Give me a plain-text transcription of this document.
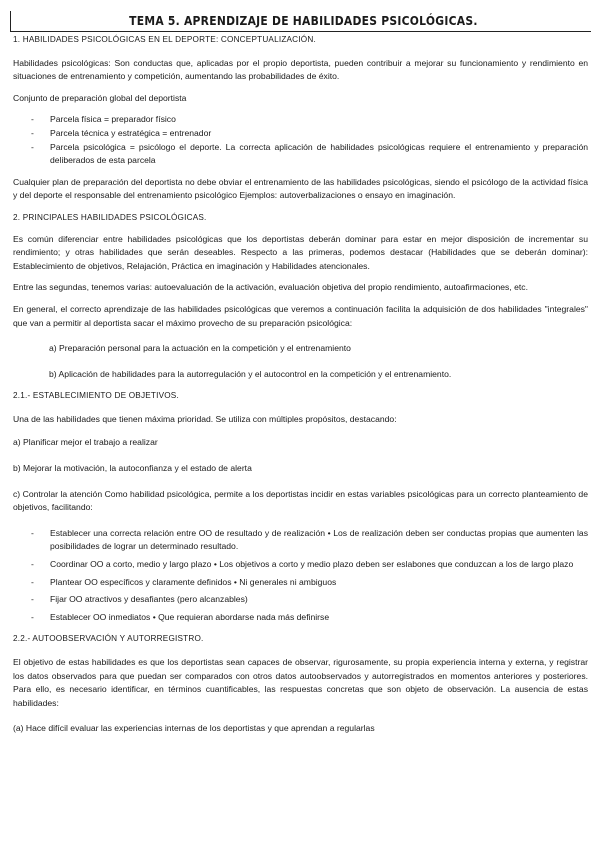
TEMA 5. APRENDIZAJE DE HABILIDADES PSICOLÓGICAS.

1. HABILIDADES PSICOLÓGICAS EN EL DEPORTE: CONCEPTUALIZACIÓN.

Habilidades psicológicas: Son conductas que, aplicadas por el propio deportista, pueden contribuir a mejorar su funcionamiento y rendimiento en situaciones de entrenamiento y competición, aumentando las probabilidades de éxito.

Conjunto de preparación global del deportista

- Parcela física = preparador físico
- Parcela técnica y estratégica = entrenador
- Parcela psicológica = psicólogo el deporte. La correcta aplicación de habilidades psicológicas requiere el entrenamiento y preparación deliberados de esta parcela

Cualquier plan de preparación del deportista no debe obviar el entrenamiento de las habilidades psicológicas, siendo el psicólogo de la actividad física y del deporte el responsable del entrenamiento psicológico Ejemplos: autoverbalizaciones o ensayo en imaginación.

2. PRINCIPALES HABILIDADES PSICOLÓGICAS.

Es común diferenciar entre habilidades psicológicas que los deportistas deberán dominar para estar en mejor disposición de incrementar su rendimiento; y otras habilidades que serán deseables. Respecto a las primeras, podemos destacar (Habilidades que se deberán dominar): Establecimiento de objetivos, Relajación, Práctica en imaginación y Habilidades atencionales.

Entre las segundas, tenemos varias: autoevaluación de la activación, evaluación objetiva del propio rendimiento, autoafirmaciones, etc.

En general, el correcto aprendizaje de las habilidades psicológicas que veremos a continuación facilita la adquisición de dos habilidades "integrales" que van a permitir al deportista sacar el máximo provecho de su preparación psicológica:

a) Preparación personal para la actuación en la competición y el entrenamiento

b) Aplicación de habilidades para la autorregulación y el autocontrol en la competición y el entrenamiento.

2.1.- ESTABLECIMIENTO DE OBJETIVOS.

Una de las habilidades que tienen máxima prioridad. Se utiliza con múltiples propósitos, destacando:

a) Planificar mejor el trabajo a realizar

b) Mejorar la motivación, la autoconfianza y el estado de alerta

c) Controlar la atención Como habilidad psicológica, permite a los deportistas incidir en estas variables psicológicas para un correcto planteamiento de objetivos, facilitando:

- Establecer una correcta relación entre OO de resultado y de realización • Los de realización deben ser conductas propias que aumenten las posibilidades de lograr un determinado resultado.
- Coordinar OO a corto, medio y largo plazo • Los objetivos a corto y medio plazo deben ser eslabones que conduzcan a los de largo plazo
- Plantear OO específicos y claramente definidos • Ni generales ni ambiguos
- Fijar OO atractivos y desafiantes (pero alcanzables)
- Establecer OO inmediatos • Que requieran abordarse nada más definirse

2.2.- AUTOOBSERVACIÓN Y AUTORREGISTRO.

El objetivo de estas habilidades es que los deportistas sean capaces de observar, rigurosamente, su propia experiencia interna y externa, y registrar los datos observados para que puedan ser comparados con otros datos autoobservados y autorregistrados en momentos anteriores y posteriores. Para ello, es necesario identificar, en términos cuantificables, las respuestas concretas que son objeto de observación. La ausencia de estas habilidades:

(a) Hace difícil evaluar las experiencias internas de los deportistas y que aprendan a regularlas
